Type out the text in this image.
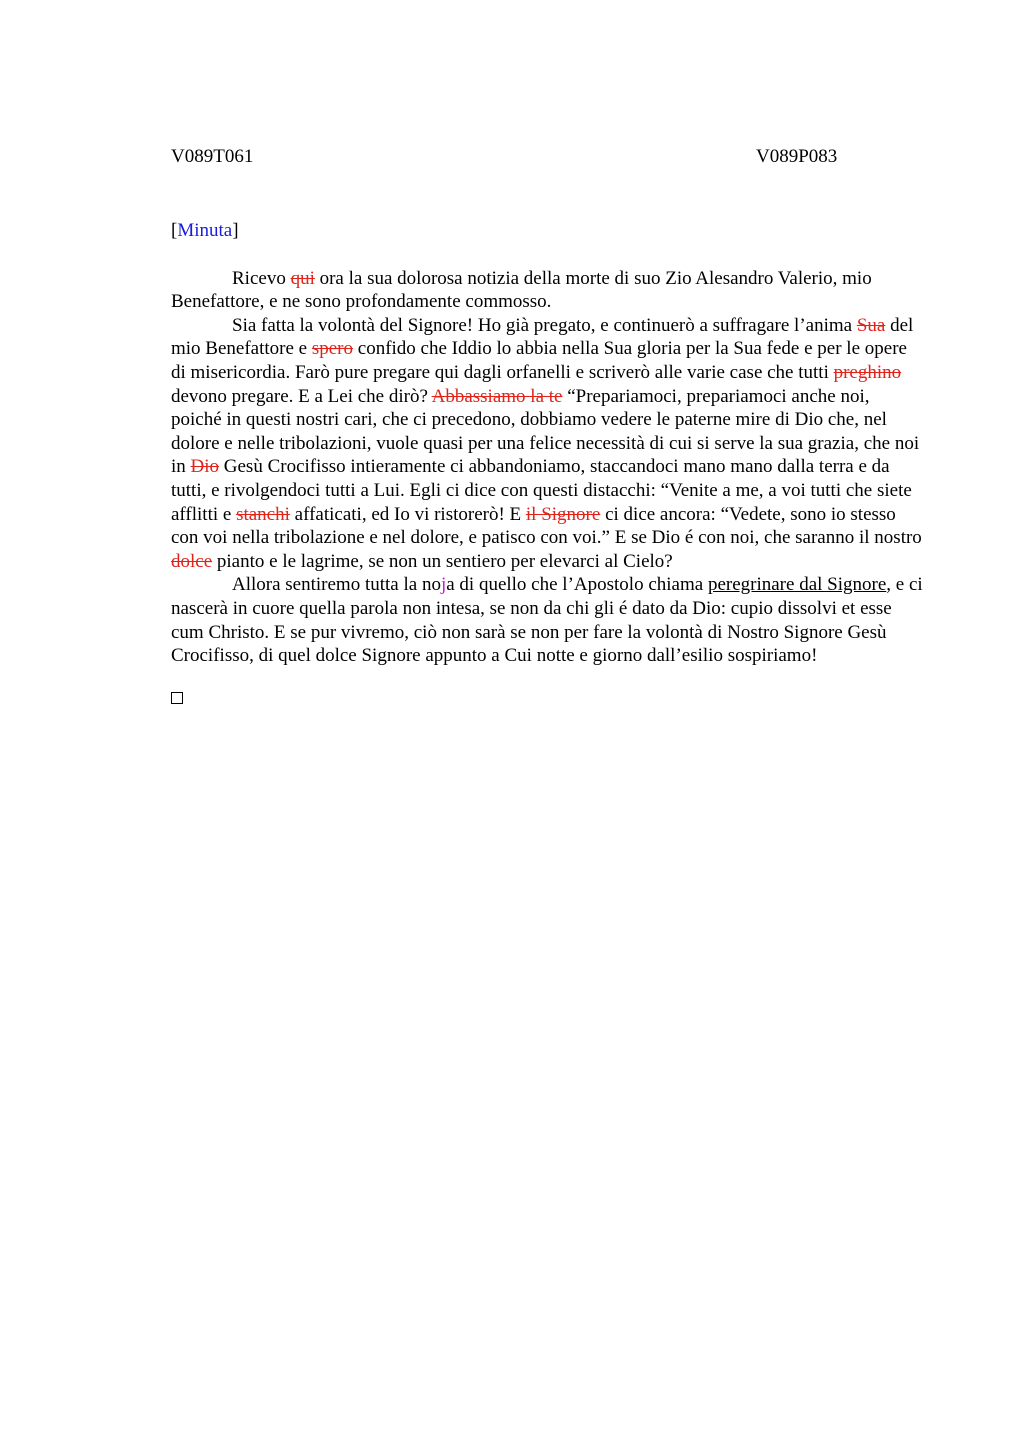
V089T061	V089P083
[Minuta]

Ricevo qui ora la sua dolorosa notizia della morte di suo Zio Alesandro Valerio, mio Benefattore, e ne sono profondamente commosso.

Sia fatta la volontà del Signore! Ho già pregato, e continuerò a suffragare l’anima Sua del mio Benefattore e spero confido che Iddio lo abbia nella Sua gloria per la Sua fede e per le opere di misericordia. Farò pure pregare qui dagli orfanelli e scriverò alle varie case che tutti preghino devono pregare. E a Lei che dirò? Abbassiamo la te “Prepariamoci, prepariamoci anche noi, poiché in questi nostri cari, che ci precedono, dobbiamo vedere le paterne mire di Dio che, nel dolore e nelle tribolazioni, vuole quasi per una felice necessità di cui si serve la sua grazia, che noi in Dio Gesù Crocifisso intieramente ci abbandoniamo, staccandoci mano mano dalla terra e da tutti, e rivolgendoci tutti a Lui. Egli ci dice con questi distacchi: “Venite a me, a voi tutti che siete afflitti e stanchi affaticati, ed Io vi ristorerò! E il Signore ci dice ancora: “Vedete, sono io stesso con voi nella tribolazione e nel dolore, e patisco con voi.” E se Dio é con noi, che saranno il nostro dolce pianto e le lagrime, se non un sentiero per elevarci al Cielo?

Allora sentiremo tutta la noja di quello che l’Apostolo chiama peregrinare dal Signore, e ci nascerà in cuore quella parola non intesa, se non da chi gli é dato da Dio: cupio dissolvi et esse cum Christo. E se pur vivremo, ciò non sarà se non per fare la volontà di Nostro Signore Gesù Crocifisso, di quel dolce Signore appunto a Cui notte e giorno dall’esilio sospiriamo!
